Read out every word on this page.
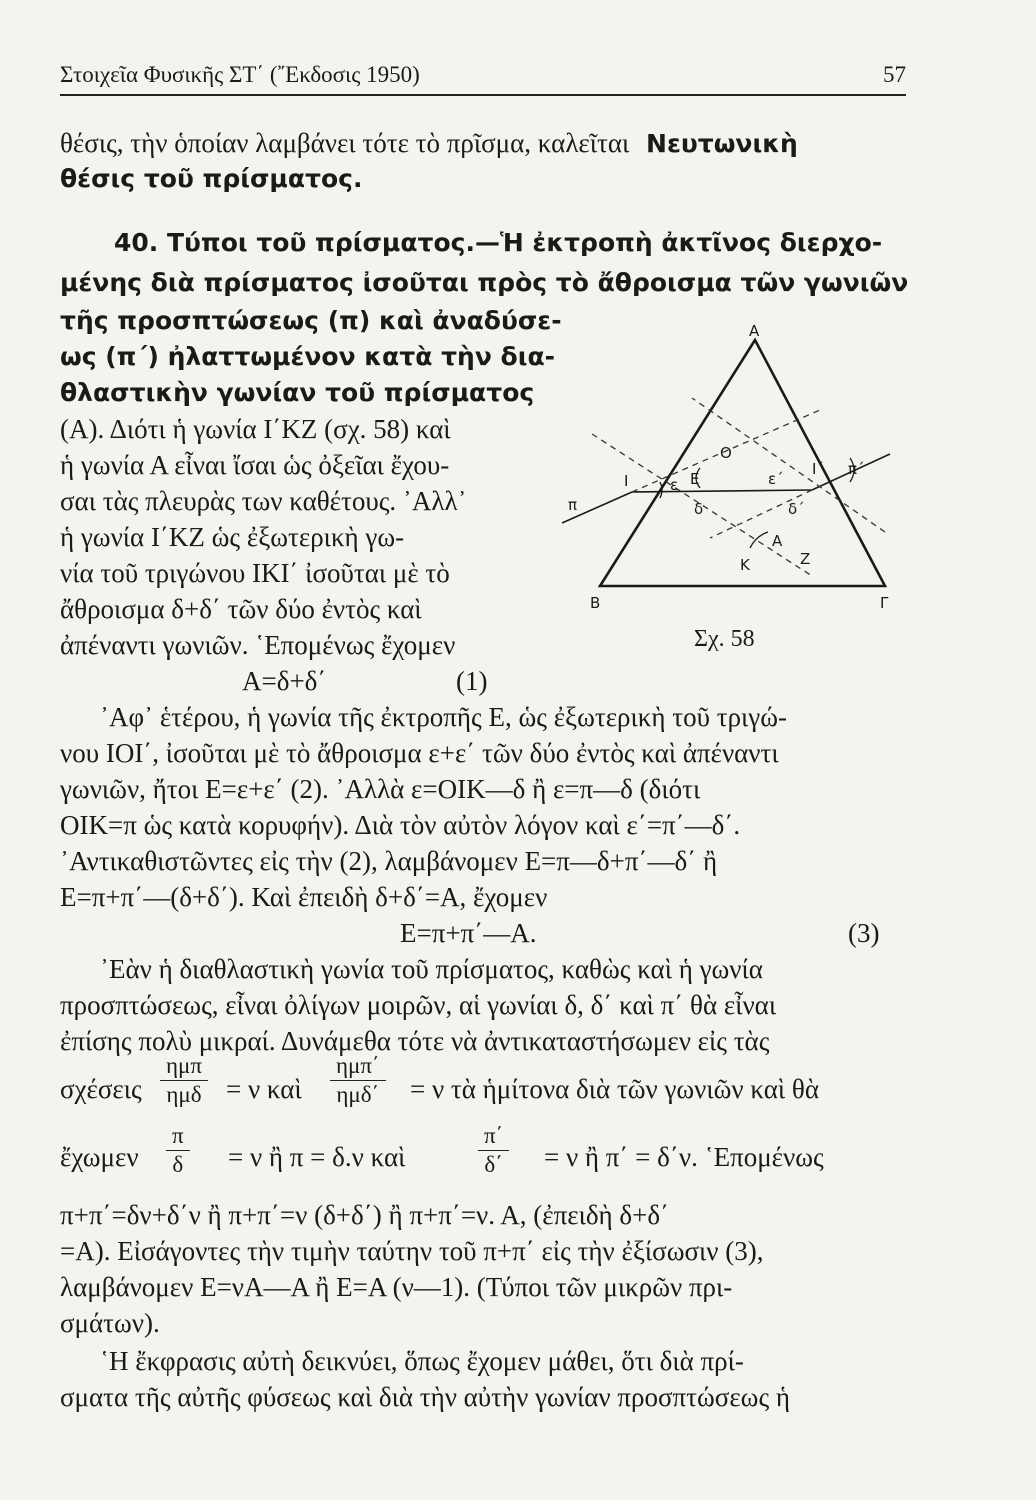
Στοιχεῖα Φυσικῆς ΣΤ΄ (῎Εκδοσις 1950)	57
θέσις, τὴν ὁποίαν λαμβάνει τότε τὸ πρῖσμα, καλεῖται Νευτωνικὴ
θέσις τοῦ πρίσματος.
40. Τύποι τοῦ πρίσματος.—Ἡ ἐκτροπὴ ἀκτῖνος διερχο-
μένης διὰ πρίσματος ἰσοῦται πρὸς τὸ ἄθροισμα τῶν γωνιῶν
τῆς προσπτώσεως (π) καὶ ἀναδύσε-
ως (π΄) ἠλαττωμένον κατὰ τὴν δια-
θλαστικὴν γωνίαν τοῦ πρίσματος
(Α). Διότι ἡ γωνία Ι΄ΚΖ (σχ. 58) καὶ
ἡ γωνία Α εἶναι ἴσαι ὡς ὀξεῖαι ἔχου-
σαι τὰς πλευρὰς των καθέτους. ᾿Αλλ᾿
ἡ γωνία Ι΄ΚΖ ὡς ἐξωτερικὴ γω-
νία τοῦ τριγώνου ΙΚΙ΄ ἰσοῦται μὲ τὸ
ἄθροισμα δ+δ΄ τῶν δύο ἐντὸς καὶ
ἀπέναντι γωνιῶν. ῾Επομένως ἔχομεν
Α=δ+δ΄	(1)
A
B	Γ
O
I
I΄
π
π΄
E
ε	ε΄
δ	δ΄
A
K	Z
Σχ. 58
᾿Αφ᾿ ἑτέρου, ἡ γωνία τῆς ἐκτροπῆς Ε, ὡς ἐξωτερικὴ τοῦ τριγώ-
νου ΙΟΙ΄, ἰσοῦται μὲ τὸ ἄθροισμα ε+ε΄ τῶν δύο ἐντὸς καὶ ἀπέναντι
γωνιῶν, ἤτοι Ε=ε+ε΄ (2). ᾿Αλλὰ ε=ΟΙΚ—δ ἢ ε=π—δ (διότι
ΟΙΚ=π ὡς κατὰ κορυφήν). Διὰ τὸν αὐτὸν λόγον καὶ ε΄=π΄—δ΄.
᾿Αντικαθιστῶντες εἰς τὴν (2), λαμβάνομεν Ε=π—δ+π΄—δ΄ ἢ
Ε=π+π΄—(δ+δ΄). Καὶ ἐπειδὴ δ+δ΄=Α, ἔχομεν
Ε=π+π΄—Α.	(3)
᾿Εὰν ἡ διαθλαστικὴ γωνία τοῦ πρίσματος, καθὼς καὶ ἡ γωνία
προσπτώσεως, εἶναι ὀλίγων μοιρῶν, αἱ γωνίαι δ, δ΄ καὶ π΄ θὰ εἶναι
ἐπίσης πολὺ μικραί. Δυνάμεθα τότε νὰ ἀντικαταστήσωμεν εἰς τὰς
σχέσεις
ημπ
ημδ = ν καὶ
ημπ΄
ημδ΄ = ν τὰ ἡμίτονα διὰ τῶν γωνιῶν καὶ θὰ
ἔχωμεν $\frac{\pi}{\delta} = \nu$ ἢ π = δ.ν καὶ	$\frac{\pi΄}{\delta΄} = \nu$ ἢ π΄ = δ΄ν. ῾Επομένως
π+π΄=δν+δ΄ν ἢ π+π΄=ν (δ+δ΄) ἢ π+π΄=ν. Α, (ἐπειδὴ δ+δ΄
=Α). Εἰσάγοντες τὴν τιμὴν ταύτην τοῦ π+π΄ εἰς τὴν ἐξίσωσιν (3),
λαμβάνομεν Ε=νΑ—Α ἢ Ε=Α (ν—1). (Τύποι τῶν μικρῶν πρι-
σμάτων).
῾Η ἔκφρασις αὐτὴ δεικνύει, ὅπως ἔχομεν μάθει, ὅτι διὰ πρί-
σματα τῆς αὐτῆς φύσεως καὶ διὰ τὴν αὐτὴν γωνίαν προσπτώσεως ἡ
